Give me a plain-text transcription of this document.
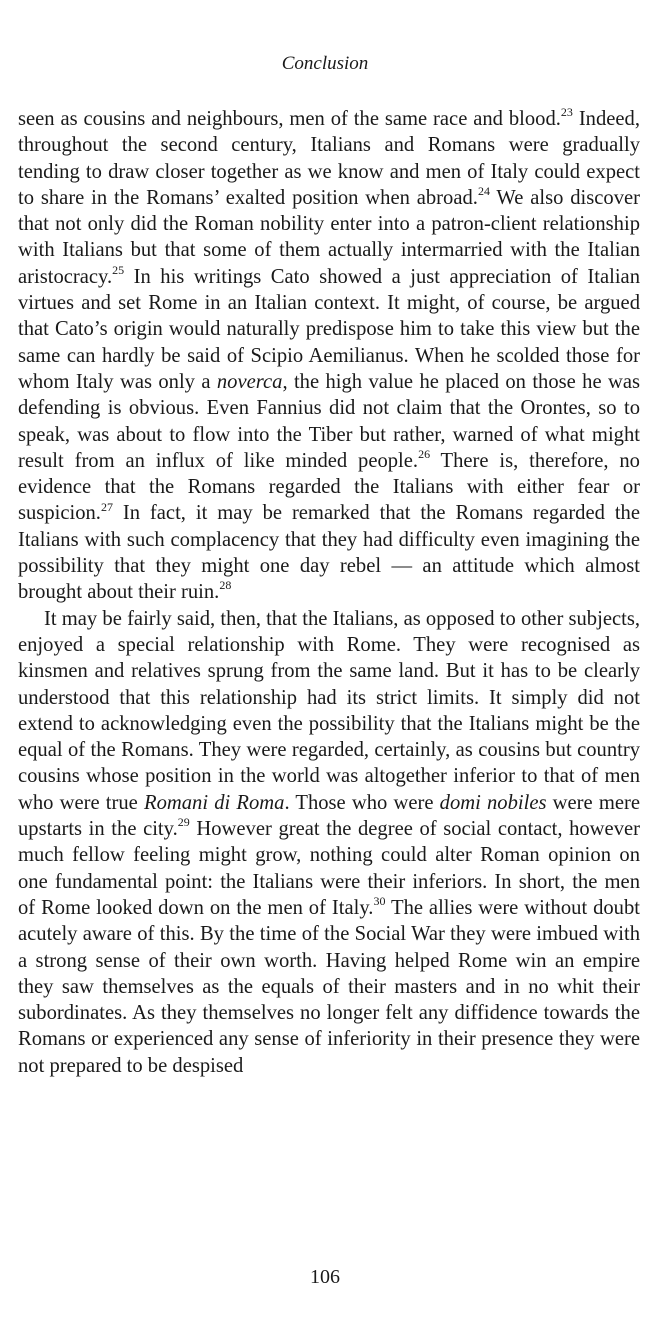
Conclusion

seen as cousins and neighbours, men of the same race and blood.$^{23}$ Indeed, throughout the second century, Italians and Romans were gradually tending to draw closer together as we know and men of Italy could expect to share in the Romans’ exalted position when abroad.$^{24}$ We also discover that not only did the Roman nobility enter into a patron-client relationship with Italians but that some of them actually intermarried with the Italian aristocracy.$^{25}$ In his writings Cato showed a just appreciation of Italian virtues and set Rome in an Italian context. It might, of course, be argued that Cato’s origin would naturally predispose him to take this view but the same can hardly be said of Scipio Aemilianus. When he scolded those for whom Italy was only a noverca, the high value he placed on those he was defending is obvious. Even Fannius did not claim that the Orontes, so to speak, was about to flow into the Tiber but rather, warned of what might result from an influx of like minded people.$^{26}$ There is, therefore, no evidence that the Romans regarded the Italians with either fear or suspicion.$^{27}$ In fact, it may be remarked that the Romans regarded the Italians with such complacency that they had difficulty even imagining the possibility that they might one day rebel — an attitude which almost brought about their ruin.$^{28}$

It may be fairly said, then, that the Italians, as opposed to other subjects, enjoyed a special relationship with Rome. They were recognised as kinsmen and relatives sprung from the same land. But it has to be clearly understood that this relationship had its strict limits. It simply did not extend to acknowledging even the possibility that the Italians might be the equal of the Romans. They were regarded, certainly, as cousins but country cousins whose position in the world was altogether inferior to that of men who were true Romani di Roma. Those who were domi nobiles were mere upstarts in the city.$^{29}$ However great the degree of social contact, however much fellow feeling might grow, nothing could alter Roman opinion on one fundamental point: the Italians were their inferiors. In short, the men of Rome looked down on the men of Italy.$^{30}$ The allies were without doubt acutely aware of this. By the time of the Social War they were imbued with a strong sense of their own worth. Having helped Rome win an empire they saw themselves as the equals of their masters and in no whit their subordinates. As they themselves no longer felt any diffidence towards the Romans or experienced any sense of inferiority in their presence they were not prepared to be despised

106
